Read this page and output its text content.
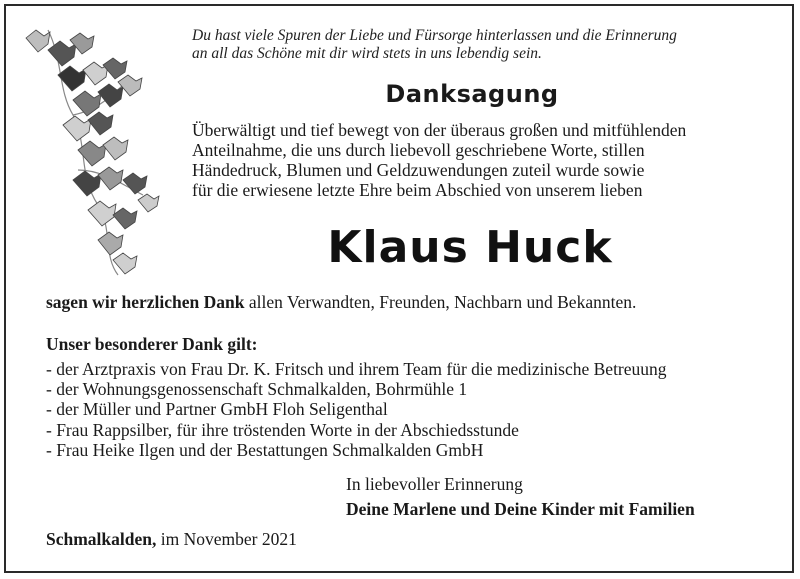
Du hast viele Spuren der Liebe und Fürsorge hinterlassen und die Erinnerung
an all das Schöne mit dir wird stets in uns lebendig sein.
Danksagung
Überwältigt und tief bewegt von der überaus großen und mitfühlenden
Anteilnahme, die uns durch liebevoll geschriebene Worte, stillen
Händedruck, Blumen und Geldzuwendungen zuteil wurde sowie
für die erwiesene letzte Ehre beim Abschied von unserem lieben
Klaus Huck
sagen wir herzlichen Dank allen Verwandten, Freunden, Nachbarn und Bekannten.
Unser besonderer Dank gilt:
- der Arztpraxis von Frau Dr. K. Fritsch und ihrem Team für die medizinische Betreuung
- der Wohnungsgenossenschaft Schmalkalden, Bohrmühle 1
- der Müller und Partner GmbH Floh Seligenthal
- Frau Rappsilber, für ihre tröstenden Worte in der Abschiedsstunde
- Frau Heike Ilgen und der Bestattungen Schmalkalden GmbH
In liebevoller Erinnerung
Deine Marlene und Deine Kinder mit Familien
Schmalkalden, im November 2021
